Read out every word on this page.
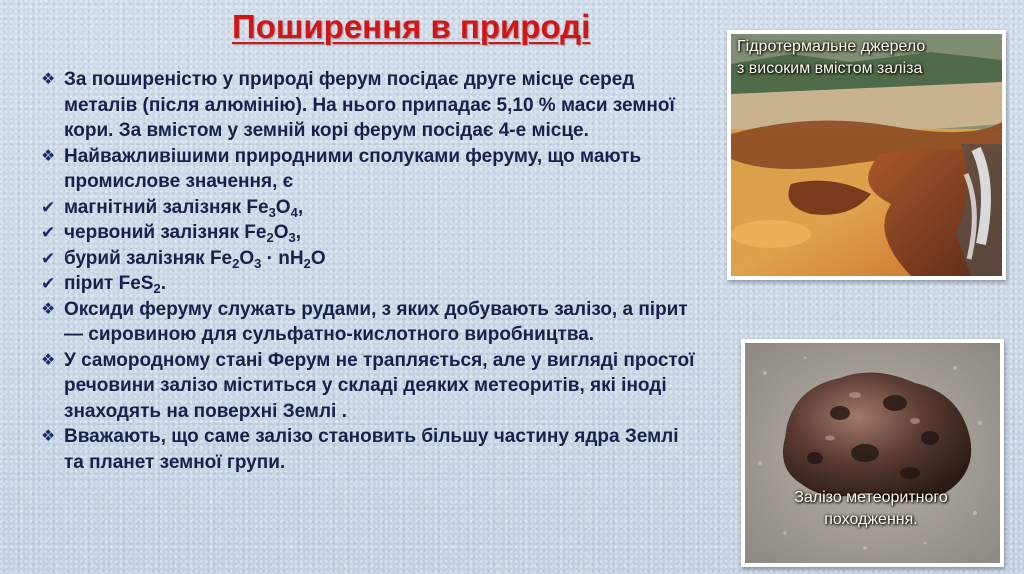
Поширення в природі
❖ За поширеністю у природі ферум посідає друге місце серед металів (після алюмінію). На нього припадає 5,10 % маси земної кори. За вмістом у земній корі ферум посідає 4-е місце.
❖ Найважливішими природними сполуками феруму, що мають промислове значення, є
✔ магнітний залізняк $Fe_3O_4$,
✔ червоний залізняк $Fe_2O_3$,
✔ бурий залізняк $Fe_2O_3 \cdot nH_2O$
✔ пірит FeS$_2$.
❖ Оксиди феруму служать рудами, з яких добувають залізо, а пірит — сировиною для сульфатно-кислотного виробництва.
❖ У самородному стані Ферум не трапляється, але у вигляді простої речовини залізо міститься у складі деяких метеоритів, які іноді знаходять на поверхні Землі .
❖ Вважають, що саме залізо становить більшу частину ядра Землі та планет земної групи.
Гідротермальне джерело з високим вмістом заліза
Залізо метеоритного походження.
